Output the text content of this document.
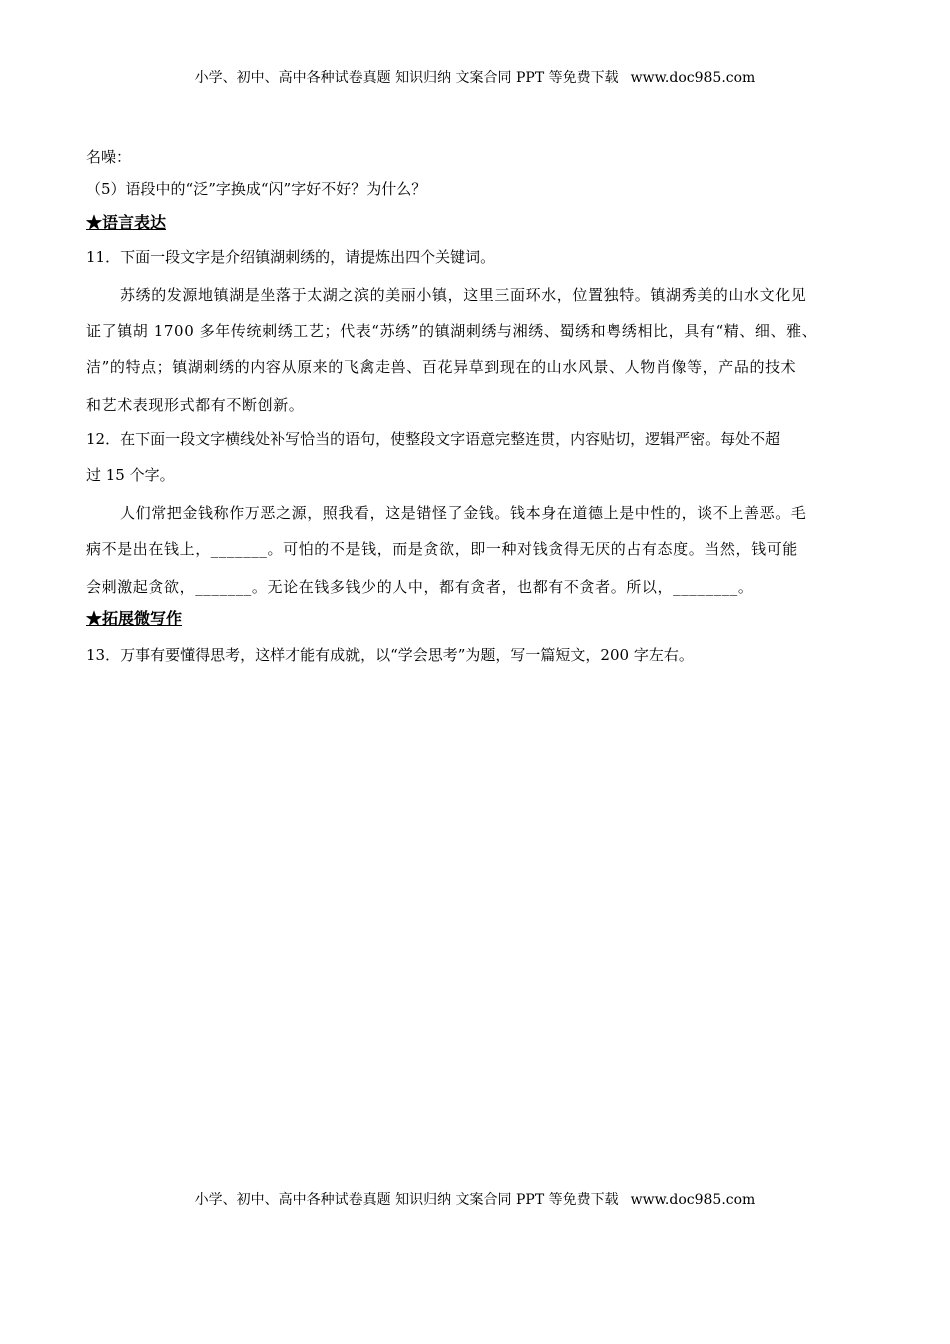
小学、初中、高中各种试卷真题 知识归纳 文案合同 PPT 等免费下载 www.doc985.com
名噪：
（5）语段中的“泛”字换成“闪”字好不好？为什么？
★语言表达
11．下面一段文字是介绍镇湖刺绣的，请提炼出四个关键词。
苏绣的发源地镇湖是坐落于太湖之滨的美丽小镇，这里三面环水，位置独特。镇湖秀美的山水文化见
证了镇胡 1700 多年传统刺绣工艺；代表“苏绣”的镇湖刺绣与湘绣、蜀绣和粤绣相比，具有“精、细、雅、
洁”的特点；镇湖刺绣的内容从原来的飞禽走兽、百花异草到现在的山水风景、人物肖像等，产品的技术
和艺术表现形式都有不断创新。
12．在下面一段文字横线处补写恰当的语句，使整段文字语意完整连贯，内容贴切，逻辑严密。每处不超
过 15 个字。
人们常把金钱称作万恶之源，照我看，这是错怪了金钱。钱本身在道德上是中性的，谈不上善恶。毛
病不是出在钱上，_______。可怕的不是钱，而是贪欲，即一种对钱贪得无厌的占有态度。当然，钱可能
会刺激起贪欲，_______。无论在钱多钱少的人中，都有贪者，也都有不贪者。所以，________。
★拓展微写作
13．万事有要懂得思考，这样才能有成就，以“学会思考”为题，写一篇短文，200 字左右。
小学、初中、高中各种试卷真题 知识归纳 文案合同 PPT 等免费下载 www.doc985.com
